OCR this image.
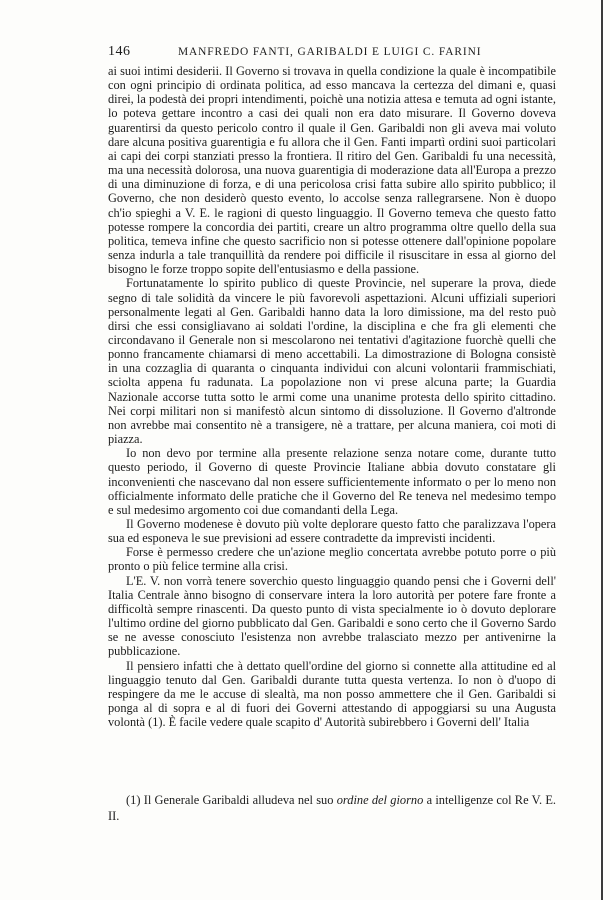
146	MANFREDO FANTI, GARIBALDI E LUIGI C. FARINI

ai suoi intimi desiderii. Il Governo si trovava in quella condizione la quale è incompatibile con ogni principio di ordinata politica, ad esso mancava la certezza del dimani e, quasi direi, la podestà dei propri intendimenti, poichè una notizia attesa e temuta ad ogni istante, lo poteva gettare incontro a casi dei quali non era dato misurare. Il Governo doveva guarentirsi da questo pericolo contro il quale il Gen. Garibaldi non gli aveva mai voluto dare alcuna positiva guarentigia e fu allora che il Gen. Fanti impartì ordini suoi particolari ai capi dei corpi stanziati presso la frontiera. Il ritiro del Gen. Garibaldi fu una necessità, ma una necessità dolorosa, una nuova guarentigia di moderazione data all'Europa a prezzo di una diminuzione di forza, e di una pericolosa crisi fatta subire allo spirito pubblico; il Governo, che non desiderò questo evento, lo accolse senza rallegrarsene. Non è duopo ch'io spieghi a V. E. le ragioni di questo linguaggio. Il Governo temeva che questo fatto potesse rompere la concordia dei partiti, creare un altro programma oltre quello della sua politica, temeva infine che questo sacrificio non si potesse ottenere dall'opinione popolare senza indurla a tale tranquillità da rendere poi difficile il risuscitare in essa al giorno del bisogno le forze troppo sopite dell'entusiasmo e della passione.

Fortunatamente lo spirito publico di queste Provincie, nel superare la prova, diede segno di tale solidità da vincere le più favorevoli aspettazioni. Alcuni uffiziali superiori personalmente legati al Gen. Garibaldi hanno data la loro dimissione, ma del resto può dirsi che essi consigliavano ai soldati l'ordine, la disciplina e che fra gli elementi che circondavano il Generale non si mescolarono nei tentativi d'agitazione fuorchè quelli che ponno francamente chiamarsi di meno accettabili. La dimostrazione di Bologna consistè in una cozzaglia di quaranta o cinquanta individui con alcuni volontarii frammischiati, sciolta appena fu radunata. La popolazione non vi prese alcuna parte; la Guardia Nazionale accorse tutta sotto le armi come una unanime protesta dello spirito cittadino. Nei corpi militari non si manifestò alcun sintomo di dissoluzione. Il Governo d'altronde non avrebbe mai consentito nè a transigere, nè a trattare, per alcuna maniera, coi moti di piazza.

Io non devo por termine alla presente relazione senza notare come, durante tutto questo periodo, il Governo di queste Provincie Italiane abbia dovuto constatare gli inconvenienti che nascevano dal non essere sufficientemente informato o per lo meno non officialmente informato delle pratiche che il Governo del Re teneva nel medesimo tempo e sul medesimo argomento coi due comandanti della Lega.

Il Governo modenese è dovuto più volte deplorare questo fatto che paralizzava l'opera sua ed esponeva le sue previsioni ad essere contradette da imprevisti incidenti.

Forse è permesso credere che un'azione meglio concertata avrebbe potuto porre o più pronto o più felice termine alla crisi.

L'E. V. non vorrà tenere soverchio questo linguaggio quando pensi che i Governi dell' Italia Centrale ànno bisogno di conservare intera la loro autorità per potere fare fronte a difficoltà sempre rinascenti. Da questo punto di vista specialmente io ò dovuto deplorare l'ultimo ordine del giorno pubblicato dal Gen. Garibaldi e sono certo che il Governo Sardo se ne avesse conosciuto l'esistenza non avrebbe tralasciato mezzo per antivenirne la pubblicazione.

Il pensiero infatti che à dettato quell'ordine del giorno si connette alla attitudine ed al linguaggio tenuto dal Gen. Garibaldi durante tutta questa vertenza. Io non ò d'uopo di respingere da me le accuse di slealtà, ma non posso ammettere che il Gen. Garibaldi si ponga al di sopra e al di fuori dei Governi attestando di appoggiarsi su una Augusta volontà (1). È facile vedere quale scapito d' Autorità subirebbero i Governi dell' Italia

(1) Il Generale Garibaldi alludeva nel suo ordine del giorno a intelligenze col Re V. E. II.
